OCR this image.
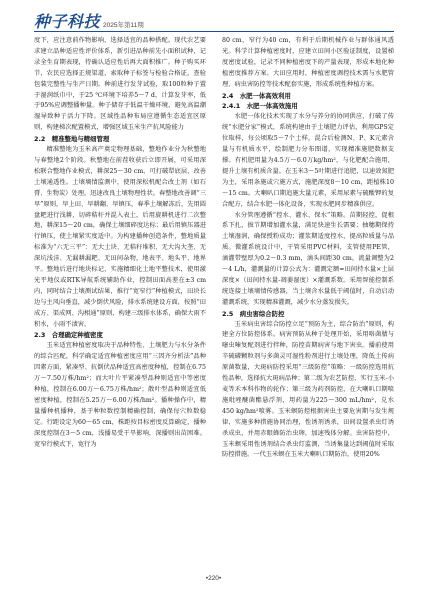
种子科技 2025年第11期

度下，应注意前作物影响，选择适宜的品种搭配。现代农艺要求建立品种适应性评价体系，新引进品种前先小面积试种，记录全生育期表现，待确认适应性后再大面积推广。种子购买环节，农民应选择正规渠道，索取种子标签与检验合格证，查验包装完整性与生产日期。种前进行发芽试验，取100粒种子置于湿润纸巾中，于25 ℃环境下培养5～7 d，计算发芽率，低于95%应调整播种量。种子储存于低温干燥环境，避免高温潮湿导致种子活力下降。区域性品种布局应遵循生态适宜区原则，构建梯次配置模式，增强区域玉米生产抗风险能力

2.2　精准整地与精细管理

精准整地为玉米高产奠定物理基础，整地作业分为秋整地与春整地2个阶段。秋整地在前茬收获后立即开展，可采用深松联合整地作业模式，耕深25～30 cm，可打破犁底层，改善土壤通透性。土壤墒情监测中，使用深松机配合改土剂（如石膏、生物炭）处理，迅速改良土壤物理性状。春整地改善调“三早”原则，早上田、早耕翻、早镇压，春季土壤解冻后，先用圆盘耙进行浅耕，切碎秸秆并混入表土，后用旋耕机进行二次整地，耕深15～20 cm，确保土壤细碎度达标；最后用镇压器进行镇压，使土壤紧实度适中。为构建播种创造条件，整地质量标准为“六无三平”：无大土块、无秸秆堆积、无大沟大垄、无深坑浅洼、无漏耕漏耙、无田间杂物，地表平、地头平、地界平。整地后进行地块标记，实施精细化土地平整技术，使用激光平地仪或RTK导航系统辅助作业，控制田面高差在±3 cm内，同时结合土壤测试结果，推行“宽窄行”种植模式，田块长边与主风向垂直，减少倒伏风险，排水系统建设方面，按照“田成方、渠成网、沟相通”原则，构建三级排水体系，确保大雨不积水，小雨不渍害。

2.3　合理确定种植密度

玉米适宜种植密度取决于品种特性、土壤肥力与水分条件的综合匹配，科学确定适宜种植密度应用“三因齐分析法”品种因素方面，紧凑型、抗倒伏品种适宜高密度种植，控制在6.75万～7.50万株/hm²；而大叶片平紧凑型品种则适宜中等密度种植，控制在6.00万～6.75万株/hm²；散叶型品种则适宜低密度种植，控制在5.25万～6.00万株/hm²。播种操作中，精量播种机播种，基于种粒数控制精确控制，确保每穴粒数稳定。行距设定为60～65 cm，株距按目标密度反算确定，播种深度控制在3～5 cm，浅播易受干旱影响，深播则出苗困难。宽窄行模式下，宽行为

80 cm，窄行为40 cm，有利于后期机械作业与群体通风透光。科学计算种植密度时，应建立田间小区验证制度，设置梯度密度试验，记录不同种植密度下的产量表现，形成本地化种植密度推荐方案。大田应用时，种植密度调控技术需与水肥管理、病虫害防控等技术配套实施，形成系统性种植方案。

2.4　水肥一体高效利用
2.4.1　水肥一体高效施用

水肥一体化技术实现了水分与养分的协同供应，打破了传统“水肥分家”模式，系统构建由于土壤肥力评估，利用GPS定位取样，每公顷取5～7个土样，混合后检测N、P、K元素含量与有机质水平，绘制肥力分布图谱，实现精准施肥数据支撑。有机肥用量为4.5万～6.0万kg/hm²，与化肥配合施用，提升土壤有机质含量。在玉米3～5叶期进行追肥，以速效氮肥为主，采用条施或穴施方式，施肥深度8～10 cm，距植株10～15 cm。大喇叭口期追施大量元素，采用尿素与硫酸钾的复合配方，结合水肥一体化设备，实现水肥同步精准供应。

水分管理遵循“控水、灌水、保水”策略。苗期轻控，促根系下扎，拔节期增加灌水量，满足快速生长需要；抽穗期保持土壤湿润，确保授粉成功；灌浆期适度控水，提高粒质量与品质。微灌系统设计中，干管采用PVC材料，支管使用PE管，滴灌带壁厚为0.2～0.3 mm，滴头间距30 cm，流量调整为2～4 L/h，灌溉量的计算公式为：灌溉定额=田间持水量×土层深度×（田间持水量-凋萎湿度）×灌溉系数。采用智能控制系统连接土壤墒情传感器，当土壤含水量低于阈值时，自动启动灌溉系统，实现精准灌溉，减少水分蒸发损失。

2.5　病虫害综合防控

玉米病虫害综合防控立足“预防为主，综合防治”原则，构建全方位防控体系。病害预防从种子处理开始，采用咯菌腈与噻虫嗪复配剂进行拌种，防控苗期病害与地下害虫。播前使用辛硫磷颗粒剂与多菌灵可湿性粉剂进行土壤处理，降低土传病原菌数量，大斑病防控采用“三级防控”策略：一级防控选用抗性品种，选择抗大斑病品种；第二级为农艺防控，实行玉米-小麦等禾本科作物的轮作；第三级为药剂防控，在大喇叭口期喷施吡唑醚菌酯悬浮剂，用药量为225～300 mL/hm²，兑水450 kg/hm²喷雾。玉米螟防控根据害虫主要危害期与发生规律，实施多种措施协同治理，性诱剂诱杀，田间设置杀虫灯诱杀成虫，并用赤眼蜂防治虫卵，加速残体分解。虫害防控中，玉米螟采用性诱剂结合杀虫灯监测，当诱集量达到阈值时采取防控措施。一代玉米螟在玉米大喇叭口期防治，使用20%

•220•
